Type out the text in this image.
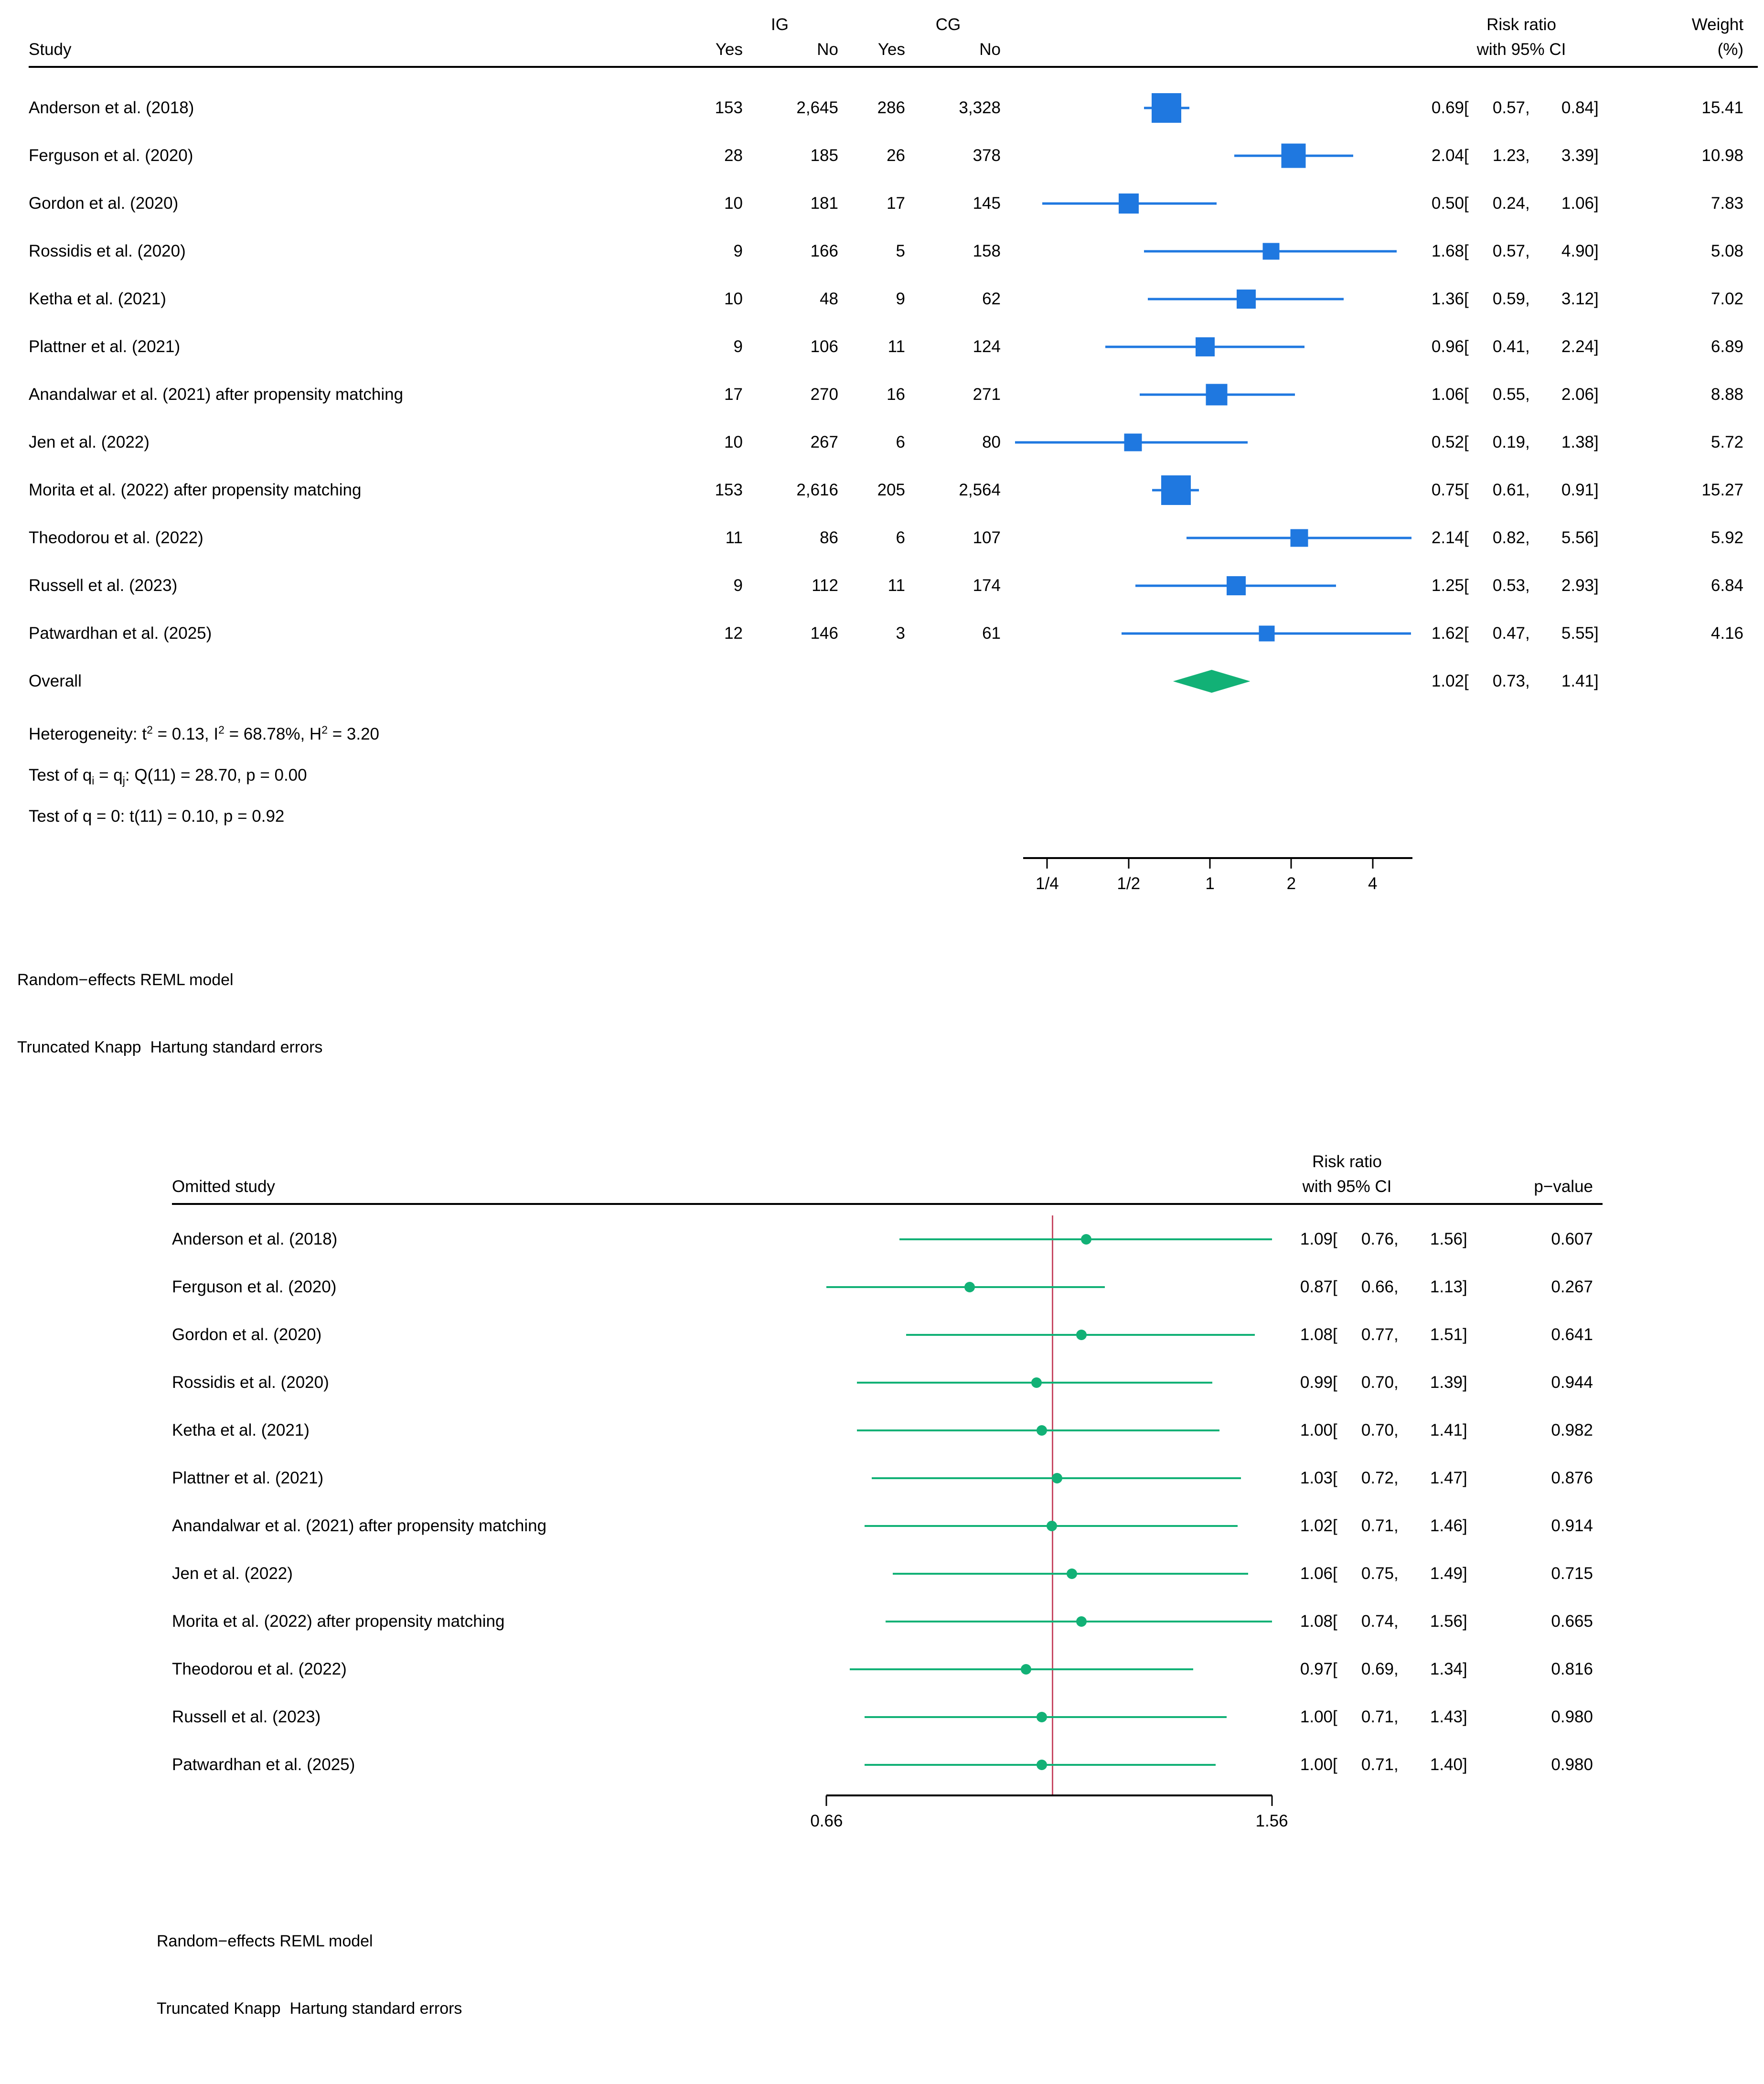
IG	CG	Risk ratio	Weight
Study	Yes	No	Yes	No	with 95% CI	(%)
Anderson et al. (2018)	153	2,645	286	3,328	0.69[ 0.57, 0.84]	15.41
Ferguson et al. (2020)	28	185	26	378	2.04[ 1.23, 3.39]	10.98
Gordon et al. (2020)	10	181	17	145	0.50[ 0.24, 1.06]	7.83
Rossidis et al. (2020)	9	166	5	158	1.68[ 0.57, 4.90]	5.08
Ketha et al. (2021)	10	48	9	62	1.36[ 0.59, 3.12]	7.02
Plattner et al. (2021)	9	106	11	124	0.96[ 0.41, 2.24]	6.89
Anandalwar et al. (2021) after propensity matching	17	270	16	271	1.06[ 0.55, 2.06]	8.88
Jen et al. (2022)	10	267	6	80	0.52[ 0.19, 1.38]	5.72
Morita et al. (2022) after propensity matching	153	2,616	205	2,564	0.75[ 0.61, 0.91]	15.27
Theodorou et al. (2022)	11	86	6	107	2.14[ 0.82, 5.56]	5.92
Russell et al. (2023)	9	112	11	174	1.25[ 0.53, 2.93]	6.84
Patwardhan et al. (2025)	12	146	3	61	1.62[ 0.47, 5.55]	4.16
Overall	1.02[ 0.73, 1.41]
Heterogeneity: $t^2 = 0.13$, $I^2 = 68.78\%$, $H^2 = 3.20$
Test of $q_i = q_j$: Q(11) = 28.70, p = 0.00
Test of q = 0: t(11) = 0.10, p = 0.92
1/4	1/2	1	2	4

Random−effects REML model

Truncated Knapp  Hartung standard errors

Risk ratio
Omitted study	with 95% CI	p−value
Anderson et al. (2018)	1.09[ 0.76, 1.56]	0.607
Ferguson et al. (2020)	0.87[ 0.66, 1.13]	0.267
Gordon et al. (2020)	1.08[ 0.77, 1.51]	0.641
Rossidis et al. (2020)	0.99[ 0.70, 1.39]	0.944
Ketha et al. (2021)	1.00[ 0.70, 1.41]	0.982
Plattner et al. (2021)	1.03[ 0.72, 1.47]	0.876
Anandalwar et al. (2021) after propensity matching	1.02[ 0.71, 1.46]	0.914
Jen et al. (2022)	1.06[ 0.75, 1.49]	0.715
Morita et al. (2022) after propensity matching	1.08[ 0.74, 1.56]	0.665
Theodorou et al. (2022)	0.97[ 0.69, 1.34]	0.816
Russell et al. (2023)	1.00[ 0.71, 1.43]	0.980
Patwardhan et al. (2025)	1.00[ 0.71, 1.40]	0.980
0.66	1.56

Random−effects REML model

Truncated Knapp  Hartung standard errors
